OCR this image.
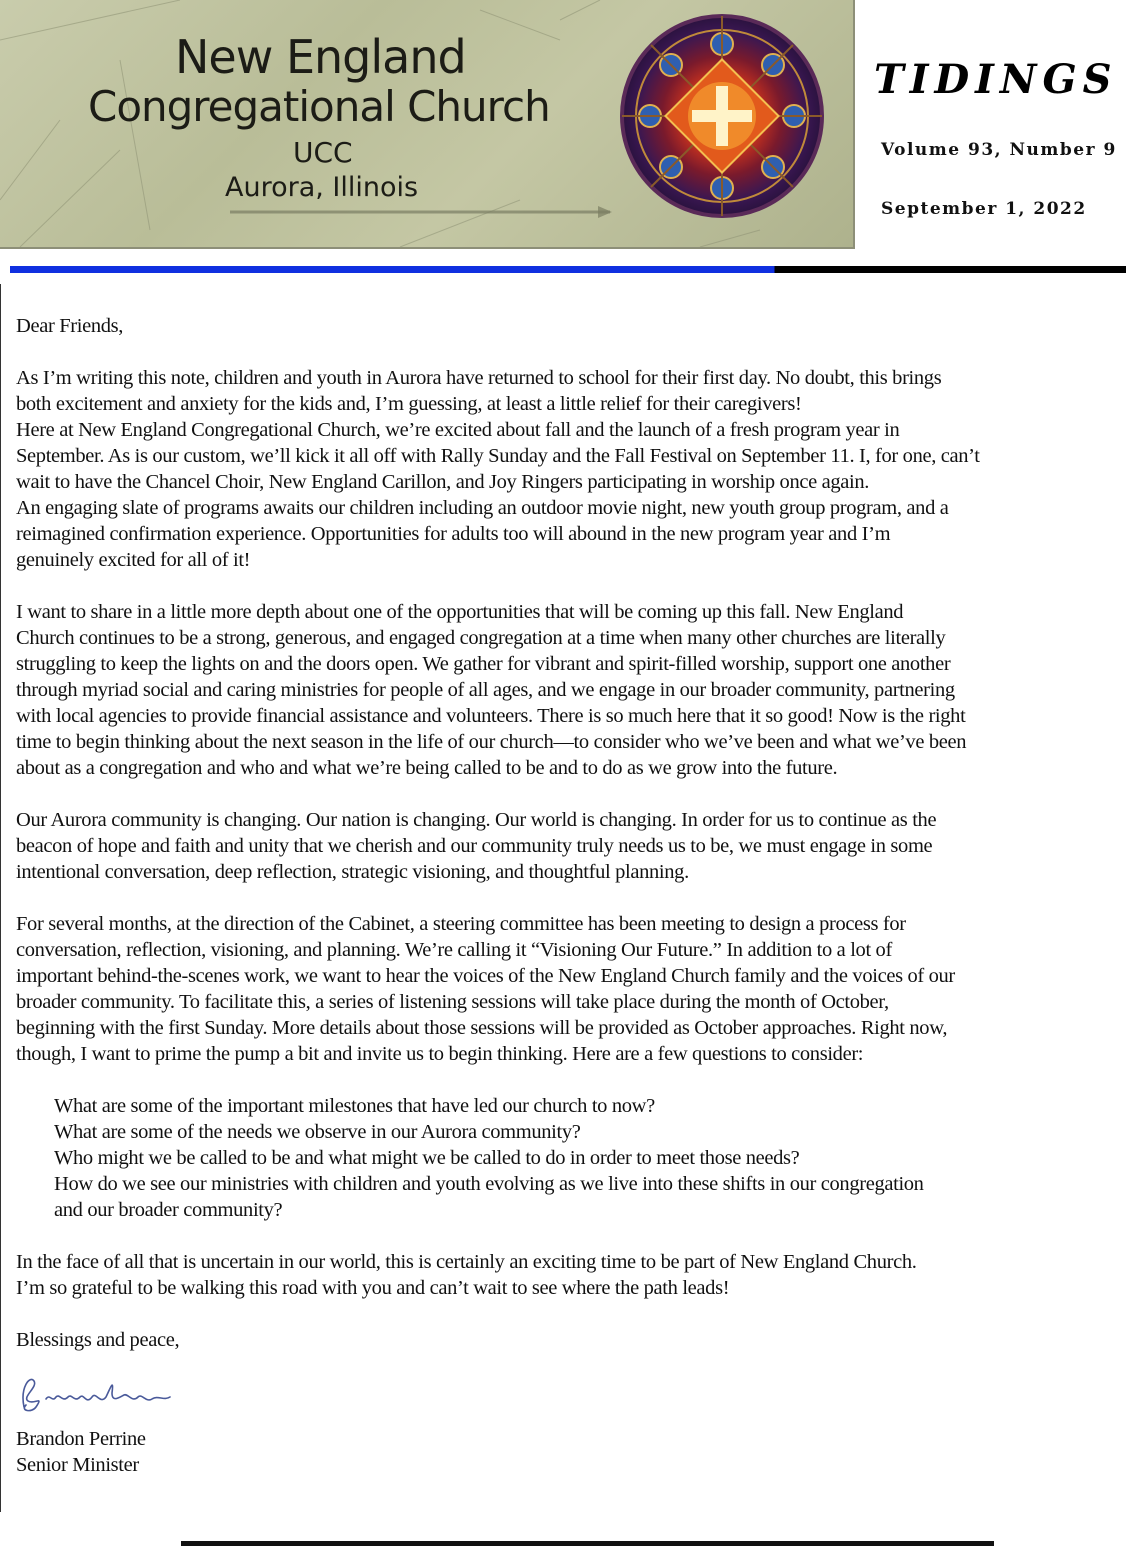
New England
Congregational Church
UCC
Aurora, Illinois
TIDINGS
Volume 93, Number 9
September 1, 2022

Dear Friends,

As I’m writing this note, children and youth in Aurora have returned to school for their first day. No doubt, this brings

both excitement and anxiety for the kids and, I’m guessing, at least a little relief for their caregivers!

Here at New England Congregational Church, we’re excited about fall and the launch of a fresh program year in

September. As is our custom, we’ll kick it all off with Rally Sunday and the Fall Festival on September 11. I, for one, can’t

wait to have the Chancel Choir, New England Carillon, and Joy Ringers participating in worship once again.

An engaging slate of programs awaits our children including an outdoor movie night, new youth group program, and a

reimagined confirmation experience. Opportunities for adults too will abound in the new program year and I’m

genuinely excited for all of it!

I want to share in a little more depth about one of the opportunities that will be coming up this fall. New England

Church continues to be a strong, generous, and engaged congregation at a time when many other churches are literally

struggling to keep the lights on and the doors open. We gather for vibrant and spirit-filled worship, support one another

through myriad social and caring ministries for people of all ages, and we engage in our broader community, partnering

with local agencies to provide financial assistance and volunteers. There is so much here that it so good! Now is the right

time to begin thinking about the next season in the life of our church—to consider who we’ve been and what we’ve been

about as a congregation and who and what we’re being called to be and to do as we grow into the future.

Our Aurora community is changing. Our nation is changing. Our world is changing. In order for us to continue as the

beacon of hope and faith and unity that we cherish and our community truly needs us to be, we must engage in some

intentional conversation, deep reflection, strategic visioning, and thoughtful planning.

For several months, at the direction of the Cabinet, a steering committee has been meeting to design a process for

conversation, reflection, visioning, and planning. We’re calling it “Visioning Our Future.” In addition to a lot of

important behind-the-scenes work, we want to hear the voices of the New England Church family and the voices of our

broader community. To facilitate this, a series of listening sessions will take place during the month of October,

beginning with the first Sunday. More details about those sessions will be provided as October approaches. Right now,

though, I want to prime the pump a bit and invite us to begin thinking. Here are a few questions to consider:

What are some of the important milestones that have led our church to now?

What are some of the needs we observe in our Aurora community?

Who might we be called to be and what might we be called to do in order to meet those needs?

How do we see our ministries with children and youth evolving as we live into these shifts in our congregation

and our broader community?

In the face of all that is uncertain in our world, this is certainly an exciting time to be part of New England Church.

I’m so grateful to be walking this road with you and can’t wait to see where the path leads!

Blessings and peace,

Brandon Perrine

Senior Minister
